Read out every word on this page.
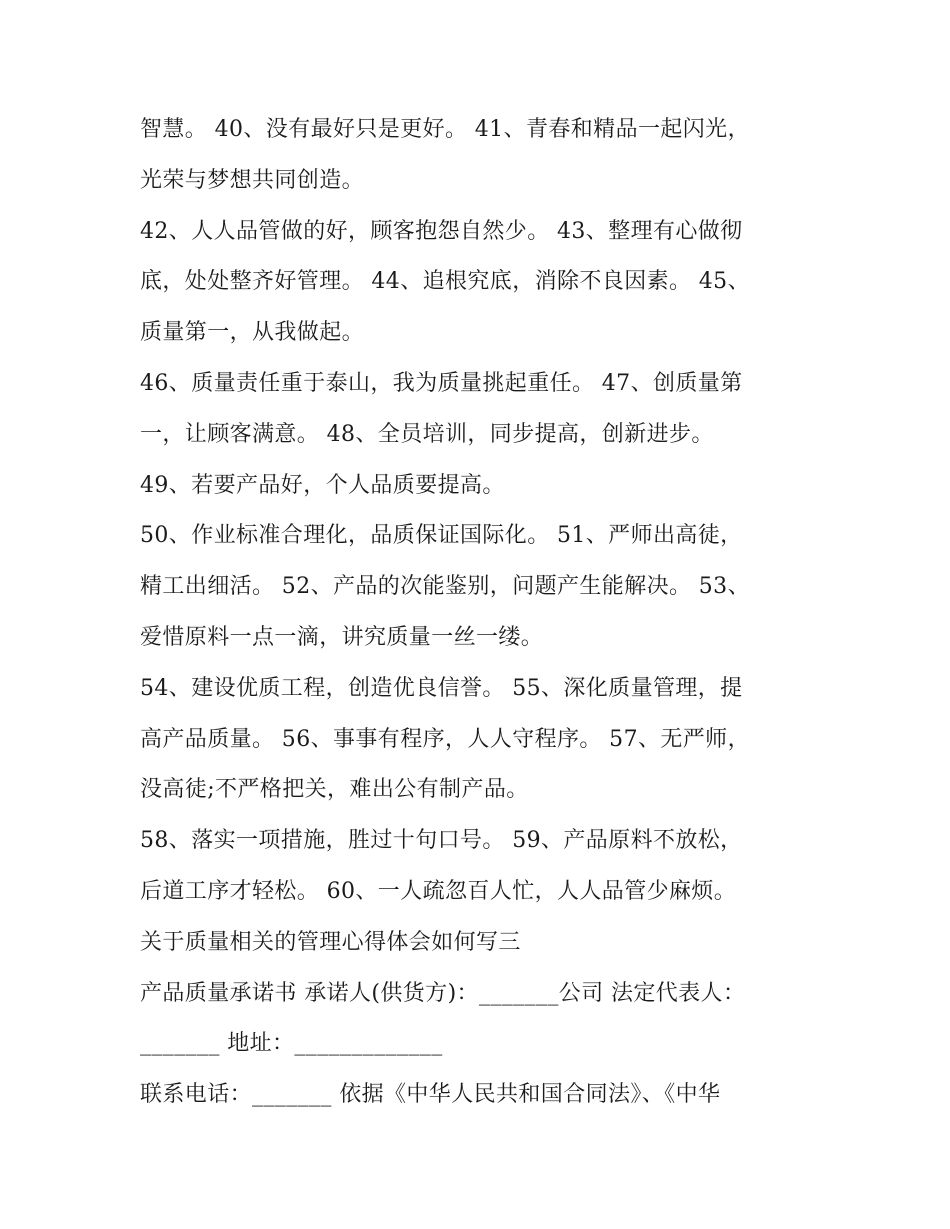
智慧。 40、没有最好只是更好。 41、青春和精品一起闪光，
光荣与梦想共同创造。
42、人人品管做的好，顾客抱怨自然少。 43、整理有心做彻
底，处处整齐好管理。 44、追根究底，消除不良因素。 45、
质量第一，从我做起。
46、质量责任重于泰山，我为质量挑起重任。 47、创质量第
一，让顾客满意。 48、全员培训，同步提高，创新进步。
49、若要产品好，个人品质要提高。
50、作业标准合理化，品质保证国际化。 51、严师出高徒，
精工出细活。 52、产品的次能鉴别，问题产生能解决。 53、
爱惜原料一点一滴，讲究质量一丝一缕。
54、建设优质工程，创造优良信誉。 55、深化质量管理，提
高产品质量。 56、事事有程序，人人守程序。 57、无严师，
没高徒;不严格把关，难出公有制产品。
58、落实一项措施，胜过十句口号。 59、产品原料不放松，
后道工序才轻松。 60、一人疏忽百人忙，人人品管少麻烦。
关于质量相关的管理心得体会如何写三
产品质量承诺书 承诺人(供货方)：_______公司 法定代表人：
_______ 地址：_____________
联系电话：_______ 依据《中华人民共和国合同法》、《中华
